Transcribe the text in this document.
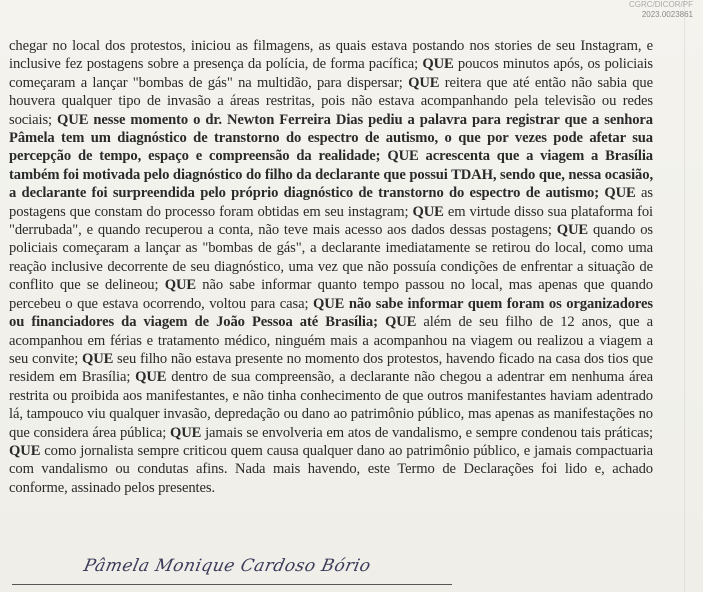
CGRC/DICOR/PF
2023.0023861
chegar no local dos protestos, iniciou as filmagens, as quais estava postando nos stories de seu Instagram, e inclusive fez postagens sobre a presença da polícia, de forma pacífica; QUE poucos minutos após, os policiais começaram a lançar "bombas de gás" na multidão, para dispersar; QUE reitera que até então não sabia que houvera qualquer tipo de invasão a áreas restritas, pois não estava acompanhando pela televisão ou redes sociais; QUE nesse momento o dr. Newton Ferreira Dias pediu a palavra para registrar que a senhora Pâmela tem um diagnóstico de transtorno do espectro de autismo, o que por vezes pode afetar sua percepção de tempo, espaço e compreensão da realidade; QUE acrescenta que a viagem a Brasília também foi motivada pelo diagnóstico do filho da declarante que possui TDAH, sendo que, nessa ocasião, a declarante foi surpreendida pelo próprio diagnóstico de transtorno do espectro de autismo; QUE as postagens que constam do processo foram obtidas em seu instagram; QUE em virtude disso sua plataforma foi "derrubada", e quando recuperou a conta, não teve mais acesso aos dados dessas postagens; QUE quando os policiais começaram a lançar as "bombas de gás", a declarante imediatamente se retirou do local, como uma reação inclusive decorrente de seu diagnóstico, uma vez que não possuía condições de enfrentar a situação de conflito que se delineou; QUE não sabe informar quanto tempo passou no local, mas apenas que quando percebeu o que estava ocorrendo, voltou para casa; QUE não sabe informar quem foram os organizadores ou financiadores da viagem de João Pessoa até Brasília; QUE além de seu filho de 12 anos, que a acompanhou em férias e tratamento médico, ninguém mais a acompanhou na viagem ou realizou a viagem a seu convite; QUE seu filho não estava presente no momento dos protestos, havendo ficado na casa dos tios que residem em Brasília; QUE dentro de sua compreensão, a declarante não chegou a adentrar em nenhuma área restrita ou proibida aos manifestantes, e não tinha conhecimento de que outros manifestantes haviam adentrado lá, tampouco viu qualquer invasão, depredação ou dano ao patrimônio público, mas apenas as manifestações no que considera área pública; QUE jamais se envolveria em atos de vandalismo, e sempre condenou tais práticas; QUE como jornalista sempre criticou quem causa qualquer dano ao patrimônio público, e jamais compactuaria com vandalismo ou condutas afins. Nada mais havendo, este Termo de Declarações foi lido e, achado conforme, assinado pelos presentes.
Pâmela Monique Cardoso Bório
